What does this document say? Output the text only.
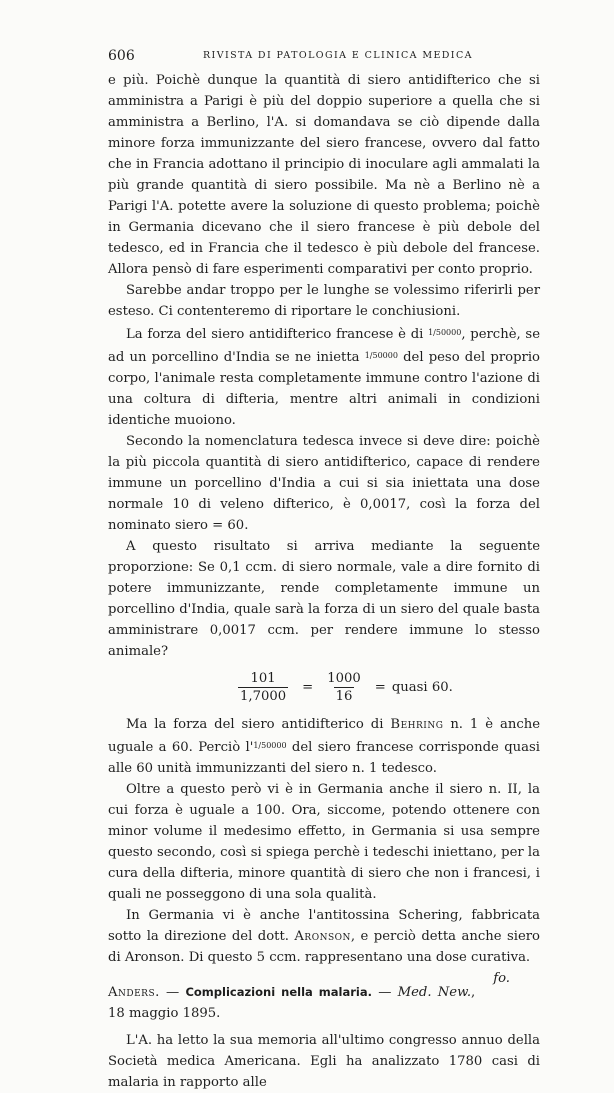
606	RIVISTA DI PATOLOGIA E CLINICA MEDICA

e più. Poichè dunque la quantità di siero antidifterico che si amministra a Parigi è più del doppio superiore a quella che si amministra a Berlino, l'A. si domandava se ciò dipende dalla minore forza immunizzante del siero francese, ovvero dal fatto che in Francia adottano il principio di inoculare agli ammalati la più grande quantità di siero possibile. Ma nè a Berlino nè a Parigi l'A. potette avere la soluzione di questo problema; poichè in Germania dicevano che il siero francese è più debole del tedesco, ed in Francia che il tedesco è più debole del francese. Allora pensò di fare esperimenti comparativi per conto proprio.

Sarebbe andar troppo per le lunghe se volessimo riferirli per esteso. Ci contenteremo di riportare le conchiusioni.

La forza del siero antidifterico francese è di $^{1/50000}$, perchè, se ad un porcellino d'India se ne inietta $^{1/50000}$ del peso del proprio corpo, l'animale resta completamente immune contro l'azione di una coltura di difteria, mentre altri animali in condizioni identiche muoiono.

Secondo la nomenclatura tedesca invece si deve dire: poichè la più piccola quantità di siero antidifterico, capace di rendere immune un porcellino d'India a cui si sia iniettata una dose normale 10 di veleno difterico, è 0,0017, così la forza del nominato siero = 60.

A questo risultato si arriva mediante la seguente proporzione: Se 0,1 ccm. di siero normale, vale a dire fornito di potere immunizzante, rende completamente immune un porcellino d'India, quale sarà la forza di un siero del quale basta amministrare 0,0017 ccm. per rendere immune lo stesso animale?

$\frac{101}{1,7000} = \frac{1000}{16}$ = quasi 60.

Ma la forza del siero antidifterico di Behring n. 1 è anche uguale a 60. Perciò $l'^{1/50000}$ del siero francese corrisponde quasi alle 60 unità immunizzanti del siero n. 1 tedesco.

Oltre a questo però vi è in Germania anche il siero n. II, la cui forza è uguale a 100. Ora, siccome, potendo ottenere con minor volume il medesimo effetto, in Germania si usa sempre questo secondo, così si spiega perchè i tedeschi iniettano, per la cura della difteria, minore quantità di siero che non i francesi, i quali ne posseggono di una sola qualità.

In Germania vi è anche l'antitossina Schering, fabbricata sotto la direzione del dott. Aronson, e perciò detta anche siero di Aronson. Di questo 5 ccm. rappresentano una dose curativa.
fo.

Anders. — Complicazioni nella malaria. — Med. New., 18 maggio 1895.

L'A. ha letto la sua memoria all'ultimo congresso annuo della Società medica Americana. Egli ha analizzato 1780 casi di malaria in rapporto alle
